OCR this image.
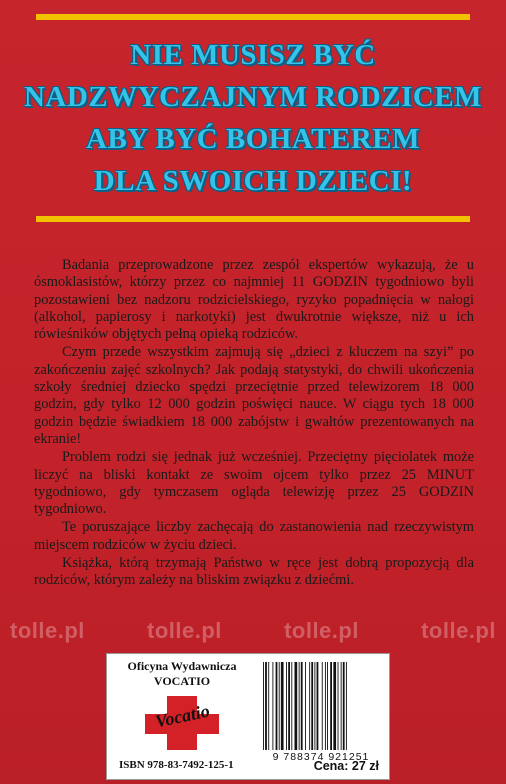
NIE MUSISZ BYĆ
NADZWYCZAJNYM RODZICEM
ABY BYĆ BOHATEREM
DLA SWOICH DZIECI!

Badania przeprowadzone przez zespół ekspertów wykazują, że u ósmoklasistów, którzy przez co najmniej 11 GODZIN tygodniowo byli pozostawieni bez nadzoru rodzicielskiego, ryzyko popadnięcia w nałogi (alkohol, papierosy i narkotyki) jest dwukrotnie większe, niż u ich rówieśników objętych pełną opieką rodziców.

Czym przede wszystkim zajmują się „dzieci z kluczem na szyi” po zakończeniu zajęć szkolnych? Jak podają statystyki, do chwili ukończenia szkoły średniej dziecko spędzi przeciętnie przed telewizorem 18 000 godzin, gdy tylko 12 000 godzin poświęci nauce. W ciągu tych 18 000 godzin będzie świadkiem 18 000 zabójstw i gwałtów prezentowanych na ekranie!

Problem rodzi się jednak już wcześniej. Przeciętny pięciolatek może liczyć na bliski kontakt ze swoim ojcem tylko przez 25 MINUT tygodniowo, gdy tymczasem ogląda telewizję przez 25 GODZIN tygodniowo.

Te poruszające liczby zachęcają do zastanowienia nad rzeczywistym miejscem rodziców w życiu dzieci.

Książka, którą trzymają Państwo w ręce jest dobrą propozycją dla rodziców, którym zależy na bliskim związku z dziećmi.

tolle.pl	tolle.pl	tolle.pl	tolle.pl
Oficyna Wydawnicza
VOCATIO
Vocatio
ISBN 978-83-7492-125-1
9 788374 921251
Cena: 27 zł
